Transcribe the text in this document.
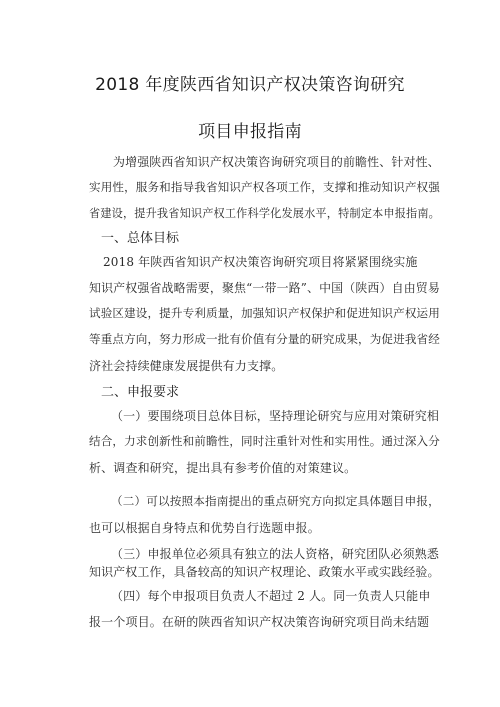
2018 年度陕西省知识产权决策咨询研究
项目申报指南
为增强陕西省知识产权决策咨询研究项目的前瞻性、针对性、
实用性，服务和指导我省知识产权各项工作，支撑和推动知识产权强
省建设，提升我省知识产权工作科学化发展水平，特制定本申报指南。
一、总体目标
2018 年陕西省知识产权决策咨询研究项目将紧紧围绕实施
知识产权强省战略需要，聚焦“一带一路”、中国（陕西）自由贸易
试验区建设，提升专利质量，加强知识产权保护和促进知识产权运用
等重点方向，努力形成一批有价值有分量的研究成果，为促进我省经
济社会持续健康发展提供有力支撑。
二、申报要求
（一）要围绕项目总体目标，坚持理论研究与应用对策研究相
结合，力求创新性和前瞻性，同时注重针对性和实用性。通过深入分
析、调查和研究，提出具有参考价值的对策建议。
（二）可以按照本指南提出的重点研究方向拟定具体题目申报，
也可以根据自身特点和优势自行选题申报。
（三）申报单位必须具有独立的法人资格，研究团队必须熟悉
知识产权工作，具备较高的知识产权理论、政策水平或实践经验。
（四）每个申报项目负责人不超过 2 人。同一负责人只能申
报一个项目。在研的陕西省知识产权决策咨询研究项目尚未结题
